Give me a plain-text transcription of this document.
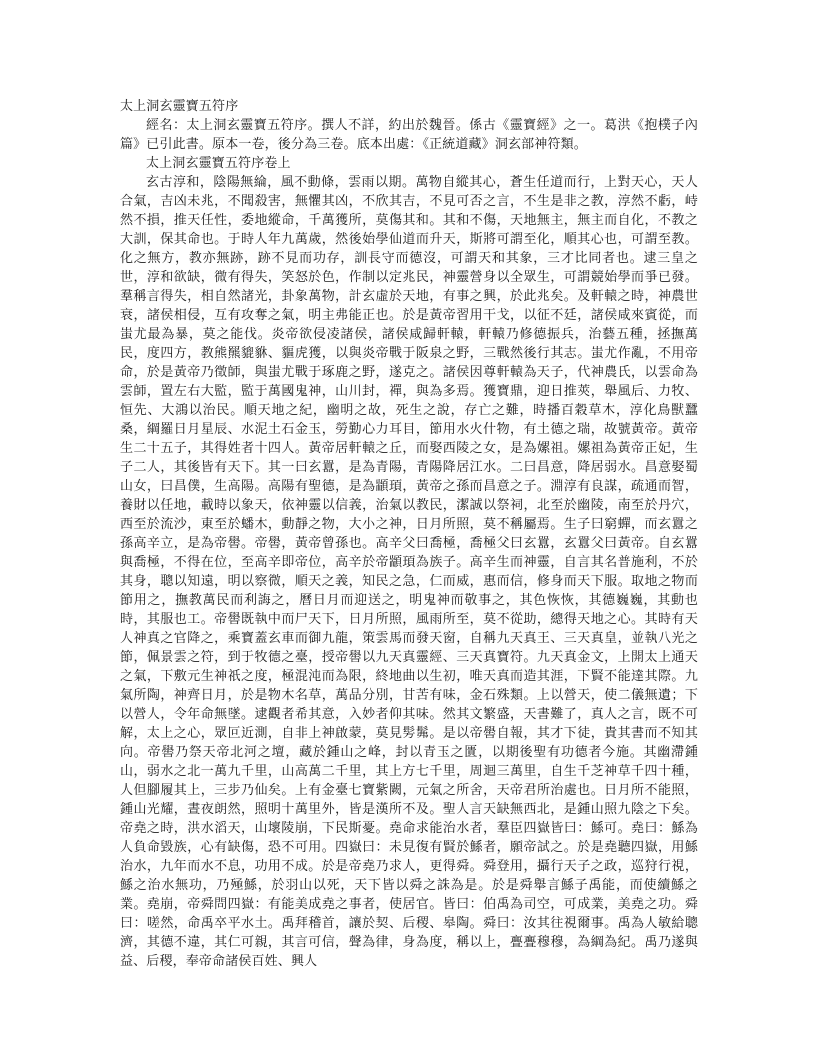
太上洞玄靈寶五符序

經名：太上洞玄靈寶五符序。撰人不詳，約出於魏晉。係古《靈寶經》之一。葛洪《抱樸子內篇》已引此書。原本一卷，後分為三卷。底本出處：《正統道藏》洞玄部神符類。

太上洞玄靈寶五符序卷上

玄古淳和，陰陽無綸，風不動條，雲雨以期。萬物自縱其心，蒼生任道而行，上對天心，天人合氣，吉凶未兆，不聞殺害，無懼其凶，不欣其吉，不見可否之言，不生是非之教，淳然不虧，峙然不損，推天任性，委地縱命，千萬獲所，莫傷其和。其和不傷，天地無主，無主而自化，不教之大訓，保其命也。于時人年九萬歲，然後始學仙道而升天，斯將可謂至化，順其心也，可謂至教。化之無方，教亦無跡，跡不見而功存，訓長守而德沒，可謂天和其象，三才比同者也。逮三皇之世，淳和欲缺，微有得失，笑怒於色，作制以定兆民，神靈營身以全眾生，可謂競始學而爭已發。羣稱言得失，相自然諸光，卦象萬物，計玄虛於天地，有事之興，於此兆矣。及軒轅之時，神農世衰，諸侯相侵，互有攻奪之氣，明主弗能正也。於是黃帝習用干戈，以征不廷，諸侯咸來賓從，而蚩尤最為暴，莫之能伐。炎帝欲侵凌諸侯，諸侯咸歸軒轅，軒轅乃修德振兵，治藝五種，拯撫萬民，度四方，教熊羆貔貅、貙虎獲，以與炎帝戰于阪泉之野，三戰然後行其志。蚩尤作亂，不用帝命，於是黃帝乃徵師，與蚩尤戰于琢鹿之野，遂克之。諸侯因尊軒轅為天子，代神農氏，以雲命為雲師，置左右大監，監于萬國鬼神，山川封，禪，與為多焉。獲寶鼎，迎日推莢，舉風后、力牧、恒先、大鴻以治民。順天地之紀，幽明之故，死生之說，存亡之難，時播百穀草木，淳化鳥獸蠶桑，綱羅日月星辰、水泥土石金玉，勞勤心力耳目，節用水火什物，有土德之瑞，故號黃帝。黃帝生二十五子，其得姓者十四人。黃帝居軒轅之丘，而娶西陵之女，是為嫘祖。嫘祖為黃帝正妃，生子二人，其後皆有天下。其一曰玄囂，是為青陽，青陽降居江水。二曰昌意，降居弱水。昌意娶蜀山女，曰昌僕，生高陽。高陽有聖德，是為顓頊，黃帝之孫而昌意之子。淵淳有良謀，疏通而智，養財以任地，載時以象天，依神靈以信義，治氣以教民，潔誠以祭祠，北至於幽陵，南至於丹穴，西至於流沙，東至於蟠木，動靜之物，大小之神，日月所照，莫不稱屬焉。生子曰窮蟬，而玄囂之孫高辛立，是為帝嚳。帝嚳，黃帝曾孫也。高辛父曰喬極，喬極父曰玄囂，玄囂父曰黃帝。自玄囂與喬極，不得在位，至高辛即帝位，高辛於帝顓頊為族子。高辛生而神靈，自言其名普施利，不於其身，聰以知遠，明以察微，順天之義，知民之急，仁而威，惠而信，修身而天下服。取地之物而節用之，撫教萬民而利誨之，曆日月而迎送之，明鬼神而敬事之，其色恢恢，其德巍巍，其動也時，其服也工。帝嚳既執中而尸天下，日月所照，風雨所至，莫不從助，總得天地之心。其時有天人神真之官降之，乘寶蓋玄車而御九龍，策雲馬而發天窗，自稱九天真王、三天真皇，並執八光之節，佩景雲之符，到于牧德之臺，授帝嚳以九天真靈經、三天真寶符。九天真金文，上開太上通天之氣，下敷元生神祇之度，極混沌而為限，終地曲以生初，唯天真而造其涯，下賢不能達其際。九氣所陶，神齊日月，於是物木名草，萬品分別，甘苦有味，金石殊類。上以營天，使二儀無遺；下以營人，令年命無墜。逮觀者希其意，入妙者仰其味。然其文繁盛，天書難了，真人之言，既不可解，太上之心，眾叵近測，自非上神啟蒙，莫見髣髴。是以帝嚳自報，其才下徒，貴其書而不知其向。帝嚳乃祭天帝北河之壇，藏於鍾山之峰，封以青玉之匱，以期後聖有功德者今施。其幽滯鍾山，弱水之北一萬九千里，山高萬二千里，其上方七千里，周迴三萬里，自生千芝神草千四十種，人但腳履其上，三步乃仙矣。上有金臺七寶紫闕，元氣之所舍，天帝君所治處也。日月所不能照，鍾山光耀，晝夜朗然，照明十萬里外，皆是漢所不及。聖人言天缺無西北，是鍾山照九陰之下矣。帝堯之時，洪水滔天，山壞陵崩，下民斯憂。堯命求能治水者，羣臣四嶽皆曰：鯀可。堯曰：鯀為人負命毀族，心有缺傷，恐不可用。四嶽曰：未見復有賢於鯀者，願帝試之。於是堯聽四嶽，用鯀治水，九年而水不息，功用不成。於是帝堯乃求人，更得舜。舜登用，攝行天子之政，巡狩行視，鯀之治水無功，乃殛鯀，於羽山以死，天下皆以舜之誅為是。於是舜舉言鯀子禹能，而使續鯀之業。堯崩，帝舜問四嶽：有能美成堯之事者，使居官。皆曰：伯禹為司空，可成業，美堯之功。舜曰：嗟然，命禹卒平水土。禹拜稽首，讓於契、后稷、皋陶。舜曰：汝其往視爾事。禹為人敏給聰濟，其德不違，其仁可親，其言可信，聲為律，身為度，稱以上，亹亹穆穆，為綱為紀。禹乃遂與益、后稷，奉帝命諸侯百姓、興人
